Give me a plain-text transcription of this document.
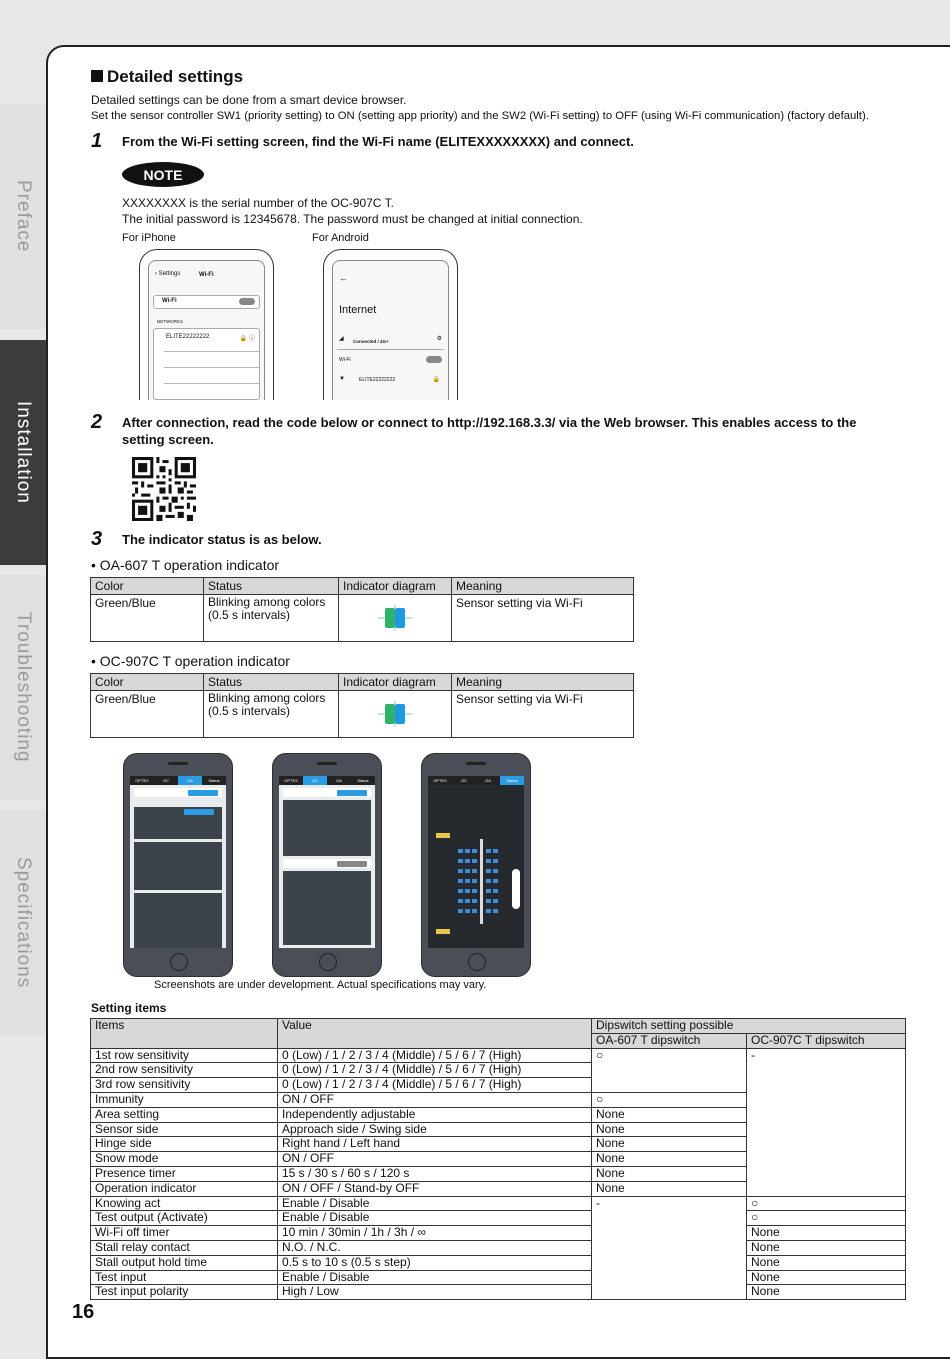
Preface
Installation
Troubleshooting
Specifications
Detailed settings
Detailed settings can be done from a smart device browser.
Set the sensor controller SW1 (priority setting) to ON (setting app priority) and the SW2 (Wi-Fi setting) to OFF (using Wi-Fi communication) (factory default).
1 From the Wi-Fi setting screen, find the Wi-Fi name (ELITEXXXXXXXX) and connect.
NOTE
XXXXXXXX is the serial number of the OC-907C T.
The initial password is 12345678. The password must be changed at initial connection.
For iPhone	For Android
‹ Settings	Wi-Fi
Wi-Fi
NETWORKS
ELITE22222222	🔒 ⓘ
←
Internet
◢ Connected / 4G+	⚙
Wi-Fi
▼	ELITE22222222	🔒
2 After connection, read the code below or connect to http://192.168.3.3/ via the Web browser. This enables access to the setting screen.
3 The indicator status is as below.
• OA-607 T operation indicator
Color	Status	Indicator diagram	Meaning
Green/Blue	Blinking among colors
(0.5 s intervals)		Sensor setting via Wi-Fi
• OC-907C T operation indicator
Color	Status	Indicator diagram	Meaning
Green/Blue	Blinking among colors
(0.5 s intervals)		Sensor setting via Wi-Fi
OPTEX	OC	OA	Status	OPTEX	OC	OA	Status	OPTEX	OC	OA	Status
Screenshots are under development. Actual specifications may vary.
Setting items
Items	Value	Dipswitch setting possible	
		OA-607 T dipswitch	OC-907C T dipswitch
1st row sensitivity	0 (Low) / 1 / 2 / 3 / 4 (Middle) / 5 / 6 / 7 (High)	○	-
2nd row sensitivity	0 (Low) / 1 / 2 / 3 / 4 (Middle) / 5 / 6 / 7 (High)		
3rd row sensitivity	0 (Low) / 1 / 2 / 3 / 4 (Middle) / 5 / 6 / 7 (High)		
Immunity	ON / OFF	○	
Area setting	Independently adjustable	None	
Sensor side	Approach side / Swing side	None	
Hinge side	Right hand / Left hand	None	
Snow mode	ON / OFF	None	
Presence timer	15 s / 30 s / 60 s / 120 s	None	
Operation indicator	ON / OFF / Stand-by OFF	None	
Knowing act	Enable / Disable	-	○
Test output (Activate)	Enable / Disable		○
Wi-Fi off timer	10 min / 30min / 1h / 3h / ∞		None
Stall relay contact	N.O. / N.C.		None
Stall output hold time	0.5 s to 10 s (0.5 s step)		None
Test input	Enable / Disable		None
Test input polarity	High / Low		None
16
